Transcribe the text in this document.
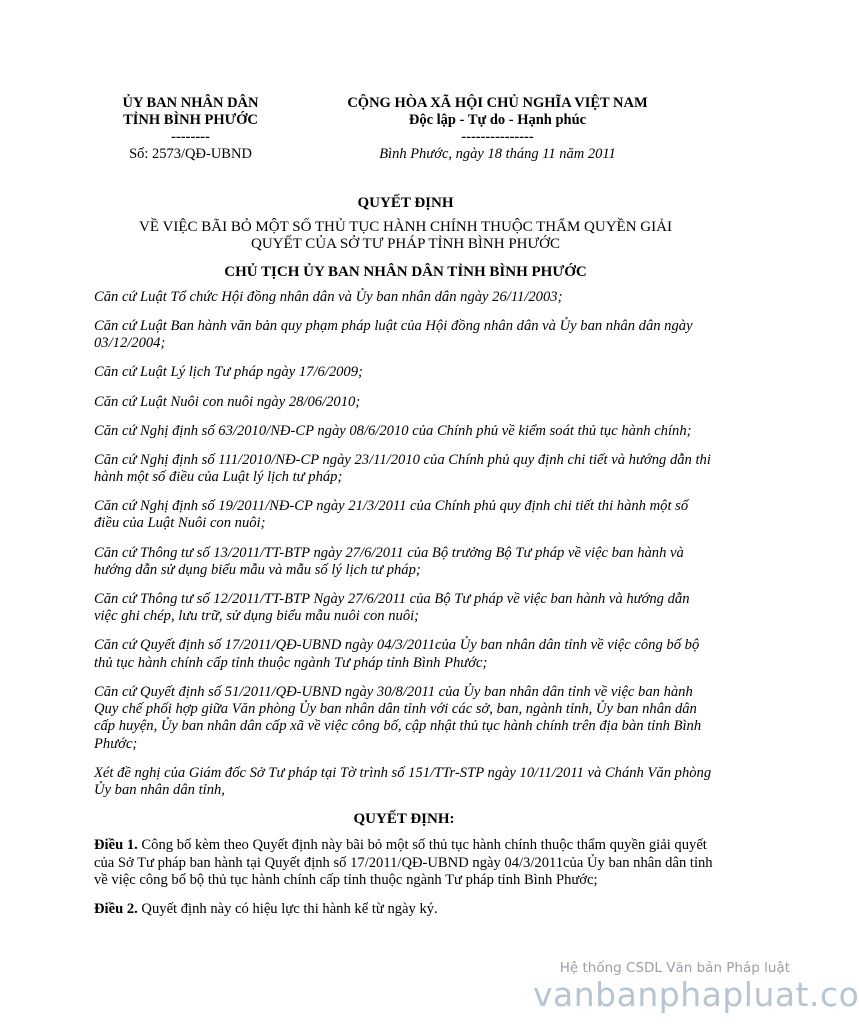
ỦY BAN NHÂN DÂN
TỈNH BÌNH PHƯỚC
--------
Số: 2573/QĐ-UBND
CỘNG HÒA XÃ HỘI CHỦ NGHĨA VIỆT NAM
Độc lập - Tự do - Hạnh phúc
---------------
Bình Phước, ngày 18 tháng 11 năm 2011
QUYẾT ĐỊNH
VỀ VIỆC BÃI BỎ MỘT SỐ THỦ TỤC HÀNH CHÍNH THUỘC THẨM QUYỀN GIẢI
QUYẾT CỦA SỞ TƯ PHÁP TỈNH BÌNH PHƯỚC
CHỦ TỊCH ỦY BAN NHÂN DÂN TỈNH BÌNH PHƯỚC

Căn cứ Luật Tổ chức Hội đồng nhân dân và Ủy ban nhân dân ngày 26/11/2003;

Căn cứ Luật Ban hành văn bản quy phạm pháp luật của Hội đồng nhân dân và Ủy ban nhân dân ngày 03/12/2004;

Căn cứ Luật Lý lịch Tư pháp ngày 17/6/2009;

Căn cứ Luật Nuôi con nuôi ngày 28/06/2010;

Căn cứ Nghị định số 63/2010/NĐ-CP ngày 08/6/2010 của Chính phủ về kiểm soát thủ tục hành chính;

Căn cứ Nghị định số 111/2010/NĐ-CP ngày 23/11/2010 của Chính phủ quy định chi tiết và hướng dẫn thi hành một số điều của Luật lý lịch tư pháp;

Căn cứ Nghị định số 19/2011/NĐ-CP ngày 21/3/2011 của Chính phủ quy định chi tiết thi hành một số điều của Luật Nuôi con nuôi;

Căn cứ Thông tư số 13/2011/TT-BTP ngày 27/6/2011 của Bộ trưởng Bộ Tư pháp về việc ban hành và hướng dẫn sử dụng biểu mẫu và mẫu số lý lịch tư pháp;

Căn cứ Thông tư số 12/2011/TT-BTP Ngày 27/6/2011 của Bộ Tư pháp về việc ban hành và hướng dẫn việc ghi chép, lưu trữ, sử dụng biểu mẫu nuôi con nuôi;

Căn cứ Quyết định số 17/2011/QĐ-UBND ngày 04/3/2011của Ủy ban nhân dân tỉnh về việc công bố bộ thủ tục hành chính cấp tỉnh thuộc ngành Tư pháp tỉnh Bình Phước;

Căn cứ Quyết định số 51/2011/QĐ-UBND ngày 30/8/2011 của Ủy ban nhân dân tỉnh về việc ban hành Quy chế phối hợp giữa Văn phòng Ủy ban nhân dân tỉnh với các sở, ban, ngành tỉnh, Ủy ban nhân dân cấp huyện, Ủy ban nhân dân cấp xã về việc công bố, cập nhật thủ tục hành chính trên địa bàn tỉnh Bình Phước;

Xét đề nghị của Giám đốc Sở Tư pháp tại Tờ trình số 151/TTr-STP ngày 10/11/2011 và Chánh Văn phòng Ủy ban nhân dân tỉnh,

QUYẾT ĐỊNH:

Điều 1. Công bố kèm theo Quyết định này bãi bỏ một số thủ tục hành chính thuộc thẩm quyền giải quyết của Sở Tư pháp ban hành tại Quyết định số 17/2011/QĐ-UBND ngày 04/3/2011của Ủy ban nhân dân tỉnh về việc công bố bộ thủ tục hành chính cấp tỉnh thuộc ngành Tư pháp tỉnh Bình Phước;

Điều 2. Quyết định này có hiệu lực thi hành kể từ ngày ký.

Hệ thống CSDL Văn bản Pháp luật
vanbanphapluat.co
